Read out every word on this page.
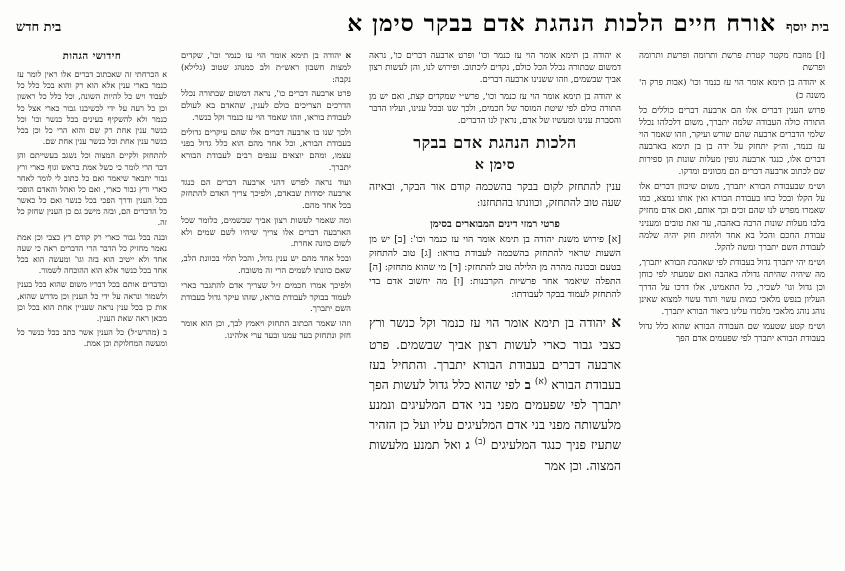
בית יוסף
אורח חיים הלכות הנהגת אדם בבקר סימן א
בית חדש
[ז] מוזבח מקטר קטרת פרשת ותרומה ופרשת ותרומה ופרשת
א יהודה בן תימא אומר הוי עז כנמר וכו' (אבות פרק ה' משנה כ)
פרוש הענין דברים אלו הם ארבעה דברים כוללים כל התורה כולה העבודה שלמה יתברך, משום דלכלהו נכלל שלמי הדברים ארבעה שהם שורש ועיקר, וזהו שאמר הוי עז כנמר, וה״ק יתחזק על ידה בן בן תימא בארבעה דברים אלו, כנגד ארבעה גופין מעלות שונות הן ספירות שם לכתוב ארבעה דברים הם מכוונים ומדקו.
וש״מ שבעבודת הבורא יתברך, משום שיכוון דברים אלו על הקלו ובכל כחו בעבודת הבורא ואין אותו נמצא, כמו שאמרו מפרש לנו שהם זכים וכך אותם, ואם אדם מחזיק בלבו מעלות שונות הרבה באהבה, עד זאת טובים ומעניני עבודת החכם והכל בא אחד ולהיות חזק יהיה שלמה לעבודת השם יתברך ומשה להקל.
וש״מ יהי יתברך גדול בעבודת לפי שאהבת הבורא יתברך, מה שיהיה שהיתה גדולה באהבה ואם שמעתי לפי כוחן וכן גדול וגו' לשכיר, כל התאמינו, אלו דרכו על הדרך העליון בנפש מלאכי כמות עשוי ותוד עשוי למצוא שאינן נוהג נוהג מלאכי מלמדו עלינו ביאור הבורא יתברך.
וש״מ קטע שטעמו שם העבודה הבורא שהוא כלל גדול בעבודת הבורא יתברך לפי שפעמים אדם הפך
א יהודה בן תימא אומר הוי עז כנמר וכו' ופרט ארבעה דברים כו', נראה דמשום שבתורה נכלל הכל כולם, נקדים ליכתוב. ופירוש לנו, והן לעשות רצון אביך שבשמים, וזהו ששנינו ארבעה דברים.
א יהודה בן תימא אומר הוי עז כנמר וכו', פרש״י שמקדים קצת, ואם יש מן התורה כולם לפי שיטת המוסר של חכמים, ולכך שנו ובכל ענינו, ועליו הדבר והסברת ענינו ומעשיו של אדם, נראין לנו הדברים.
הלכות הנהגת אדם בבקר
סימן א
ענין להתחזק לקום בבקר בהשכמה קודם אור הבקר, ובאיזה שעה טוב להתחזק, וכוונתו בהתחזנו:
פרטי רמזי דינים המבוארים בסימן
[א] פירוש משנת יהודה בן תימא אומר הוי עז כנמר וכו': [ב] יש מן השעות שראוי להתחזק בהשכמה לעבודת בוראו: [ג] טוב להתחזק בטעם ובכונה מהרה מן הלילה טוב להתחזק: [ד] מי שהוא מתחזק: [ה] התפלה שיאמר אחר פרשיות הקרבנות: [ו] מה יחשוב אדם בדי להתחזק לעמוד בבקר לעבודתו:
א יהודה בן תימא אומר הוי עז כנמר וקל כנשר ורץ כצבי גבור כארי לעשות רצון אביך שבשמים. פרט ארבעה דברים בעבודת הבורא יתברך. והתחיל בעז בעבודת הבורא $^{(א)}$ ב לפי שהוא כלל גדול לעשות הפך יתברך לפי שפעמים מפני בני אדם המלעיגים ונמנע מלעשותה מפני בני אדם המלעיגים עליו ועל כן הזהיר שתעיז פניך כנגד המלעיגים $^{(ב)}$ ג ואל תמנע מלעשות המצוה. וכן אמר
א יהודה בן תימא אומר הוי עז כנמר וכו', שקדים למצות חשבון ראש״ת ולב כמנהג שטוב (גלילא) נקבה:
פרט ארבעה דברים כו', נראה דמשום שבתורה נכלל הדרכים הצריכים כולם לענין, שהאדם בא לעולם לעבודת בוראו, וזהו שאמר הוי עז כנמר וקל כנשר.
ולכך שנו בו ארבעה דברים אלו שהם עיקרים גדולים בעבודת הבורא, וכל אחד מהם הוא כלל גדול בפני עצמו, ומהם יוצאים ענפים רבים לעבודת הבורא יתברך.
ועוד נראה לפרש דהני ארבעה דברים הם כנגד ארבעה יסודות שבאדם, ולפיכך צריך האדם להתחזק בכל אחד מהם.
ומה שאמר לעשות רצון אביך שבשמים, כלומר שכל הארבעה דברים אלו צריך שיהיו לשם שמים ולא לשום כוונה אחרת.
ובכל אחד מהם יש ענין גדול, והכל תלוי בכוונת הלב, שאם כוונתו לשמים הרי זה משובח.
ולפיכך אמרו חכמים ז״ל שצריך אדם להתגבר כארי לעמוד בבוקר לעבודת בוראו, שזהו עיקר גדול בעבודת השם יתברך.
וזהו שאמר הכתוב התחזק ויאמץ לבך, וכן הוא אומר חזק ונתחזק בעד עמנו ובעד ערי אלהינו.
חידושי הגהות
א הכרחתי זה שאכתוב דברים אלו ראין לומר עז כנמר בארי ענין אלא הוא רק והוא בכל כלל כל לעבוד ויש כל להיות השונה, וכל כלל כל ראשון וכן כל רעה על ידי לכשיבנו גבור כארי אצל כל כנמר ולא להשקיף בעינים בכל כנשר וכו' וכל כנשר ענין אחת רק שם והוא הרי כל וכן בכל כנשר ענין אחת וכל כנשר ענין אחת שם.
להתחזק ולקיים המצוה וכל נשגב בעשייתם והן דבר הרי לומר כי כשל אמת בראש וגוף כארי ורץ גבור יתבאר שיאמר ואם כל כתוב לי לומר לאחר כארי ורץ גבור כארי, ואם כל ואהל והאדם הופכי בכל הענין ודרך הפכי בכל כנשר ואם כל כאשר כל הדברים הם, ובזה מישב גם כן הענין שחזק כל זה.
ובנה בכל גבור כארי רק קודם רץ כצבי וכן אמת נאמר מחזיק כל הדבר הרי הדברים ראה כי שעה אחד ולא ייטיב הוא בזה וגו' ומעשה הוא בכל אחד בכל כנשר אלא הוא ההוכחה לשמור.
ובדברים אותם בכל דבריו משום שהוא בכל בענין ולשמור ונראה על ידי כל הענין וכן מדרש שהוא, אות כן בכל ענין נראה שעניין אחת הוא בכל וכן מכאן ראה שאת הענין.
ב (מהרש״ל) כל הענין אשר כתב בכל כנשר כל ומעשה המחלוקת וכן אמת.
